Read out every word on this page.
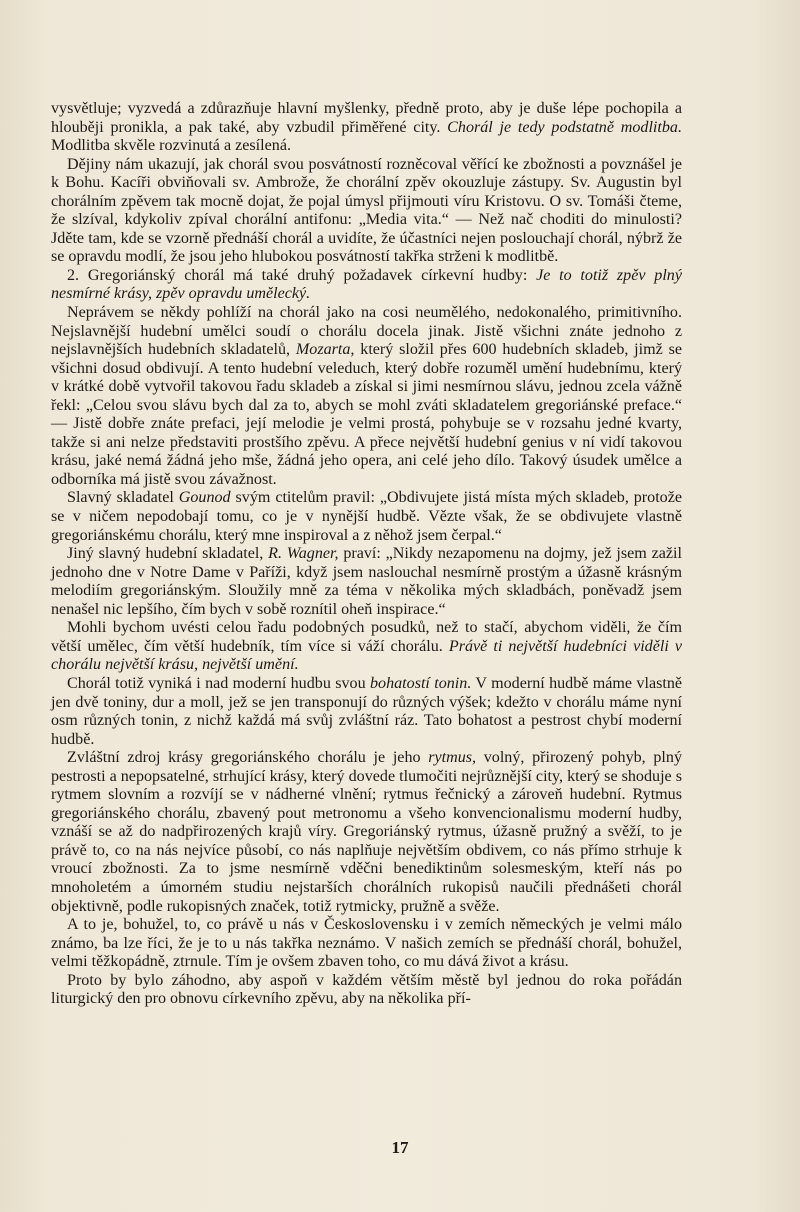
vysvětluje; vyzvedá a zdůrazňuje hlavní myšlenky, předně proto, aby je duše lépe pochopila a hlouběji pronikla, a pak také, aby vzbudil přiměřené city. Chorál je tedy podstatně modlitba. Modlitba skvěle rozvinutá a zesílená.

Dějiny nám ukazují, jak chorál svou posvátností rozněcoval věřící ke zbožnosti a povznášel je k Bohu. Kacíři obviňovali sv. Ambrože, že chorální zpěv okouzluje zástupy. Sv. Augustin byl chorálním zpěvem tak mocně dojat, že pojal úmysl přijmouti víru Kristovu. O sv. Tomáši čteme, že slzíval, kdykoliv zpíval chorální antifonu: „Media vita.“ — Než nač choditi do minulosti? Jděte tam, kde se vzorně přednáší chorál a uvidíte, že účastníci nejen poslouchají chorál, nýbrž že se opravdu modlí, že jsou jeho hlubokou posvátností takřka strženi k modlitbě.

2. Gregoriánský chorál má také druhý požadavek církevní hudby: Je to totiž zpěv plný nesmírné krásy, zpěv opravdu umělecký.

Neprávem se někdy pohlíží na chorál jako na cosi neumělého, nedokonalého, primitivního. Nejslavnější hudební umělci soudí o chorálu docela jinak. Jistě všichni znáte jednoho z nejslavnějších hudebních skladatelů, Mozarta, který složil přes 600 hudebních skladeb, jimž se všichni dosud obdivují. A tento hudební veleduch, který dobře rozuměl umění hudebnímu, který v krátké době vytvořil takovou řadu skladeb a získal si jimi nesmírnou slávu, jednou zcela vážně řekl: „Celou svou slávu bych dal za to, abych se mohl zváti skladatelem gregoriánské preface.“ — Jistě dobře znáte prefaci, její melodie je velmi prostá, pohybuje se v rozsahu jedné kvarty, takže si ani nelze představiti prostšího zpěvu. A přece největší hudební genius v ní vidí takovou krásu, jaké nemá žádná jeho mše, žádná jeho opera, ani celé jeho dílo. Takový úsudek umělce a odborníka má jistě svou závažnost.

Slavný skladatel Gounod svým ctitelům pravil: „Obdivujete jistá místa mých skladeb, protože se v ničem nepodobají tomu, co je v nynější hudbě. Vězte však, že se obdivujete vlastně gregoriánskému chorálu, který mne inspiroval a z něhož jsem čerpal.“

Jiný slavný hudební skladatel, R. Wagner, praví: „Nikdy nezapomenu na dojmy, jež jsem zažil jednoho dne v Notre Dame v Paříži, když jsem naslouchal nesmírně prostým a úžasně krásným melodiím gregoriánským. Sloužily mně za téma v několika mých skladbách, poněvadž jsem nenašel nic lepšího, čím bych v sobě roznítil oheň inspirace.“

Mohli bychom uvésti celou řadu podobných posudků, než to stačí, abychom viděli, že čím větší umělec, čím větší hudebník, tím více si váží chorálu. Právě ti největší hudebníci viděli v chorálu největší krásu, největší umění.

Chorál totiž vyniká i nad moderní hudbu svou bohatostí tonin. V moderní hudbě máme vlastně jen dvě toniny, dur a moll, jež se jen transponují do různých výšek; kdežto v chorálu máme nyní osm různých tonin, z nichž každá má svůj zvláštní ráz. Tato bohatost a pestrost chybí moderní hudbě.

Zvláštní zdroj krásy gregoriánského chorálu je jeho rytmus, volný, přirozený pohyb, plný pestrosti a nepopsatelné, strhující krásy, který dovede tlumočiti nejrůznější city, který se shoduje s rytmem slovním a rozvíjí se v nádherné vlnění; rytmus řečnický a zároveň hudební. Rytmus gregoriánského chorálu, zbavený pout metronomu a všeho konvencionalismu moderní hudby, vznáší se až do nadpřirozených krajů víry. Gregoriánský rytmus, úžasně pružný a svěží, to je právě to, co na nás nejvíce působí, co nás naplňuje největším obdivem, co nás přímo strhuje k vroucí zbožnosti. Za to jsme nesmírně vděčni benediktinům solesmeským, kteří nás po mnoholetém a úmorném studiu nejstarších chorálních rukopisů naučili přednášeti chorál objektivně, podle rukopisných značek, totiž rytmicky, pružně a svěže.

A to je, bohužel, to, co právě u nás v Československu i v zemích německých je velmi málo známo, ba lze říci, že je to u nás takřka neznámo. V našich zemích se přednáší chorál, bohužel, velmi těžkopádně, ztrnule. Tím je ovšem zbaven toho, co mu dává život a krásu.

Proto by bylo záhodno, aby aspoň v každém větším městě byl jednou do roka pořádán liturgický den pro obnovu církevního zpěvu, aby na několika pří-

17
